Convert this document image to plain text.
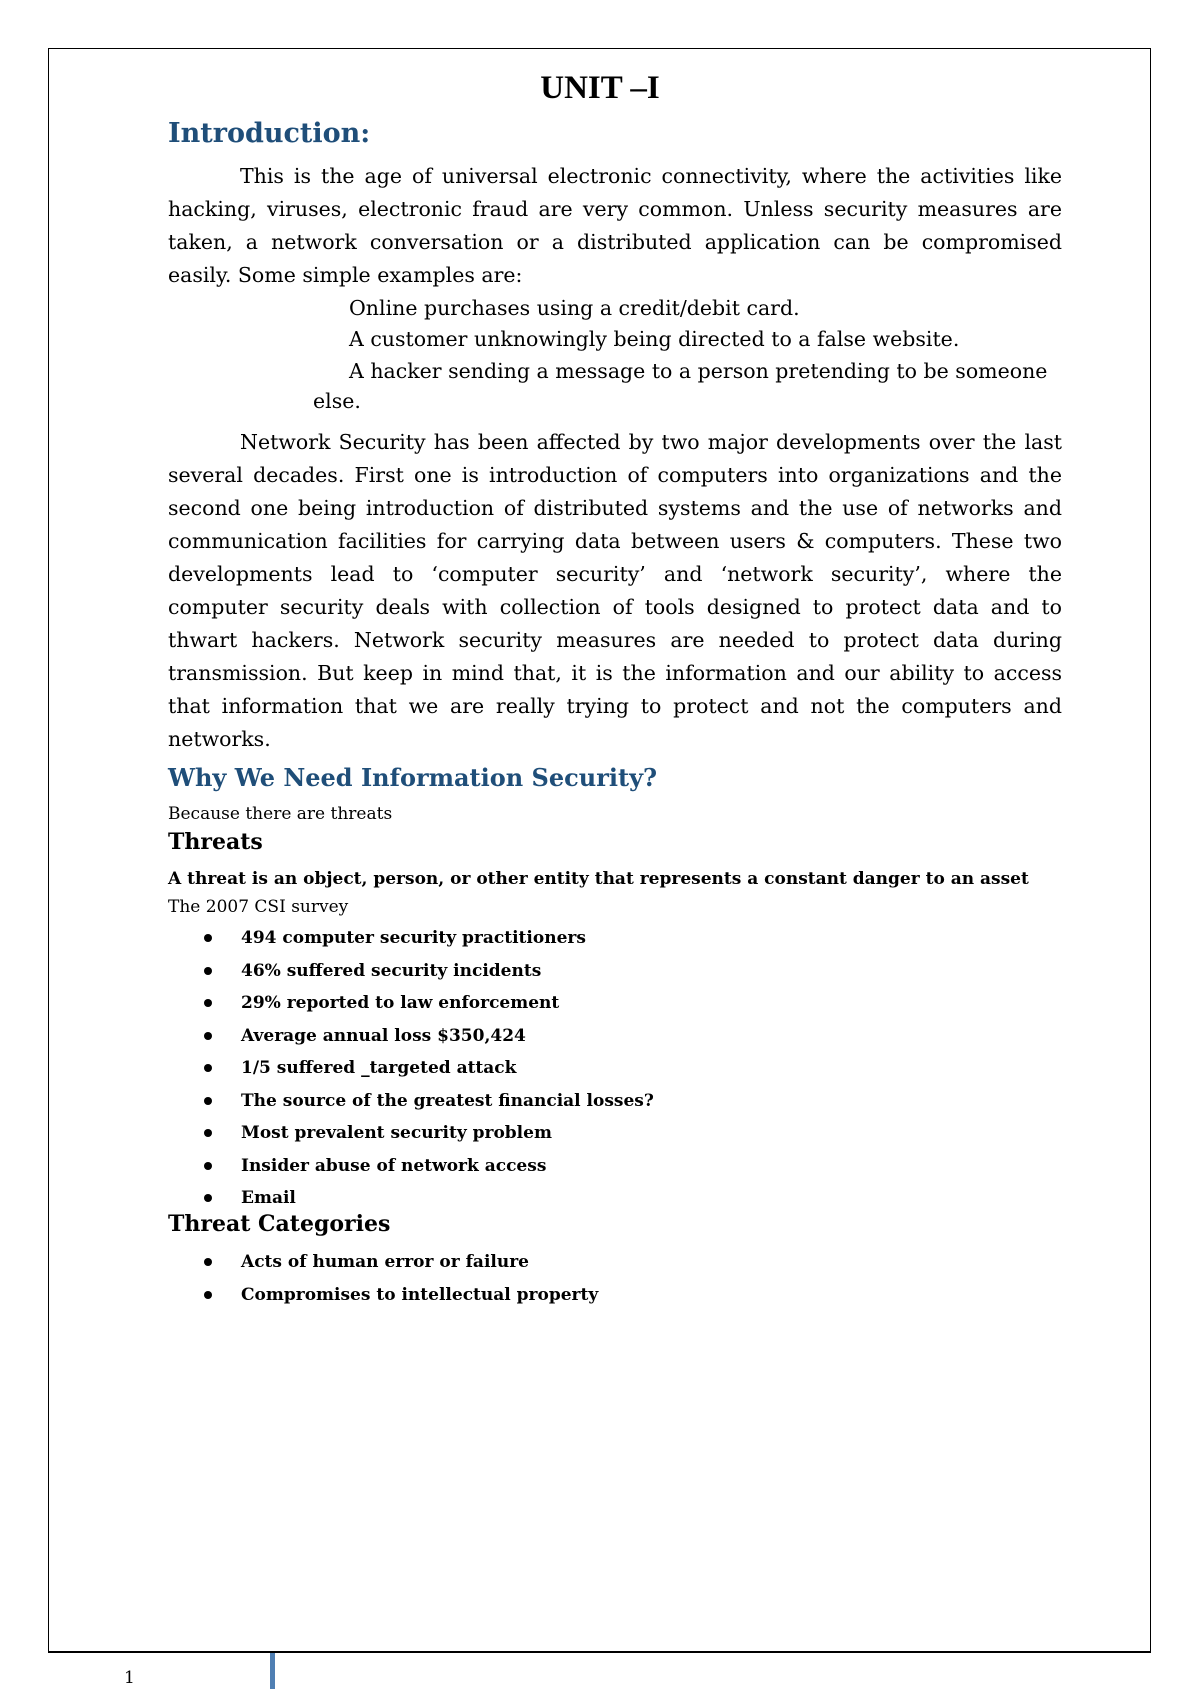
UNIT –I
Introduction:

This is the age of universal electronic connectivity, where the activities like hacking, viruses, electronic fraud are very common. Unless security measures are taken, a network conversation or a distributed application can be compromised easily. Some simple examples are:

Online purchases using a credit/debit card.
A customer unknowingly being directed to a false website.
A hacker sending a message to a person pretending to be someone
else.

Network Security has been affected by two major developments over the last several decades. First one is introduction of computers into organizations and the second one being introduction of distributed systems and the use of networks and communication facilities for carrying data between users & computers. These two developments lead to ‘computer security’ and ‘network security’, where the computer security deals with collection of tools designed to protect data and to thwart hackers. Network security measures are needed to protect data during transmission. But keep in mind that, it is the information and our ability to access that information that we are really trying to protect and not the computers and networks.

Why We Need Information Security?

Because there are threats

Threats

A threat is an object, person, or other entity that represents a constant danger to an asset

The 2007 CSI survey

494 computer security practitioners
46% suffered security incidents
29% reported to law enforcement
Average annual loss $350,424
1/5 suffered _targeted attack
The source of the greatest financial losses?
Most prevalent security problem
Insider abuse of network access
Email
Threat Categories
Acts of human error or failure
Compromises to intellectual property

1
